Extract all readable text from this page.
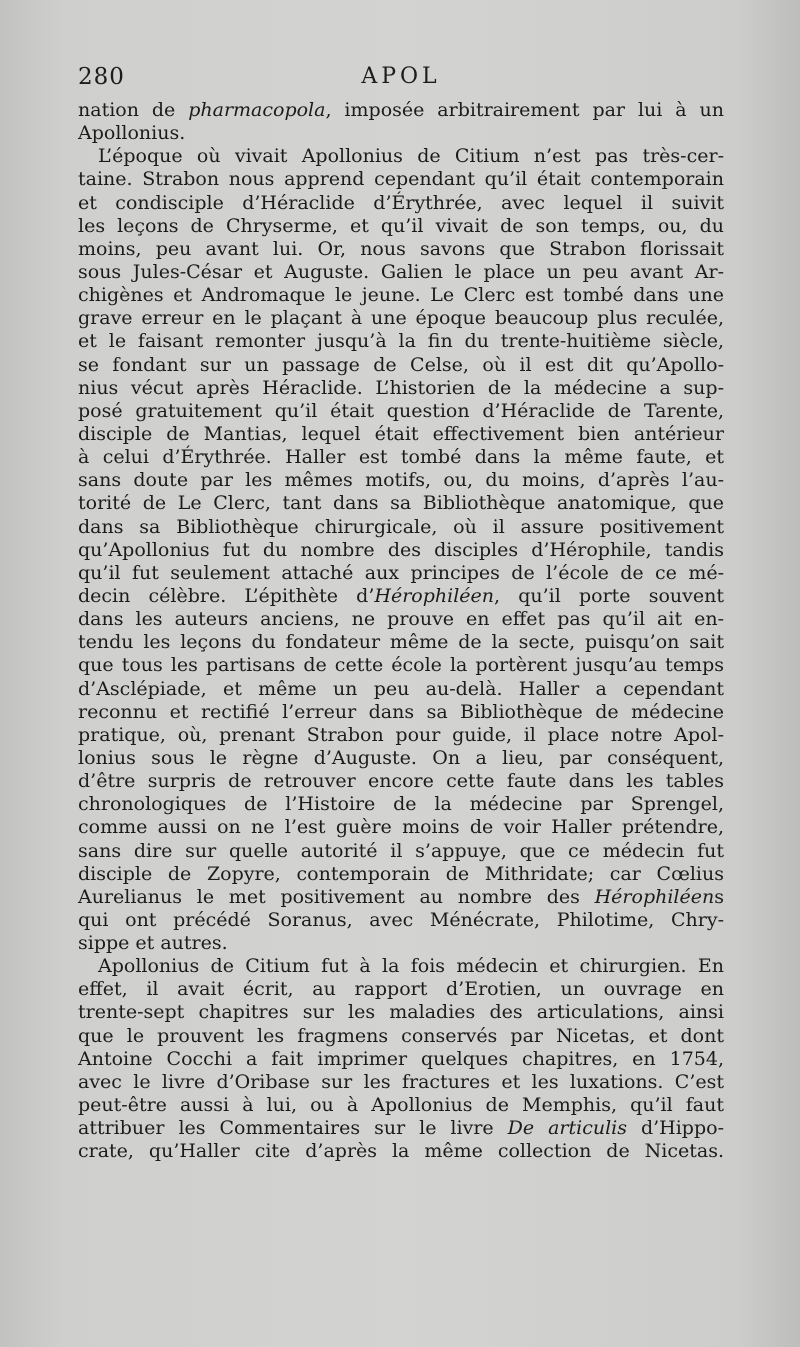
280	APOL
nation de pharmacopola, imposée arbitrairement par lui à un
Apollonius.
L’époque où vivait Apollonius de Citium n’est pas très-cer-
taine. Strabon nous apprend cependant qu’il était contemporain
et condisciple d’Héraclide d’Érythrée, avec lequel il suivit
les leçons de Chryserme, et qu’il vivait de son temps, ou, du
moins, peu avant lui. Or, nous savons que Strabon florissait
sous Jules-César et Auguste. Galien le place un peu avant Ar-
chigènes et Andromaque le jeune. Le Clerc est tombé dans une
grave erreur en le plaçant à une époque beaucoup plus reculée,
et le faisant remonter jusqu’à la fin du trente-huitième siècle,
se fondant sur un passage de Celse, où il est dit qu’Apollo-
nius vécut après Héraclide. L’historien de la médecine a sup-
posé gratuitement qu’il était question d’Héraclide de Tarente,
disciple de Mantias, lequel était effectivement bien antérieur
à celui d’Érythrée. Haller est tombé dans la même faute, et
sans doute par les mêmes motifs, ou, du moins, d’après l’au-
torité de Le Clerc, tant dans sa Bibliothèque anatomique, que
dans sa Bibliothèque chirurgicale, où il assure positivement
qu’Apollonius fut du nombre des disciples d’Hérophile, tandis
qu’il fut seulement attaché aux principes de l’école de ce mé-
decin célèbre. L’épithète d’Hérophiléen, qu’il porte souvent
dans les auteurs anciens, ne prouve en effet pas qu’il ait en-
tendu les leçons du fondateur même de la secte, puisqu’on sait
que tous les partisans de cette école la portèrent jusqu’au temps
d’Asclépiade, et même un peu au-delà. Haller a cependant
reconnu et rectifié l’erreur dans sa Bibliothèque de médecine
pratique, où, prenant Strabon pour guide, il place notre Apol-
lonius sous le règne d’Auguste. On a lieu, par conséquent,
d’être surpris de retrouver encore cette faute dans les tables
chronologiques de l’Histoire de la médecine par Sprengel,
comme aussi on ne l’est guère moins de voir Haller prétendre,
sans dire sur quelle autorité il s’appuye, que ce médecin fut
disciple de Zopyre, contemporain de Mithridate; car Cœlius
Aurelianus le met positivement au nombre des Hérophiléens
qui ont précédé Soranus, avec Ménécrate, Philotime, Chry-
sippe et autres.
Apollonius de Citium fut à la fois médecin et chirurgien. En
effet, il avait écrit, au rapport d’Erotien, un ouvrage en
trente-sept chapitres sur les maladies des articulations, ainsi
que le prouvent les fragmens conservés par Nicetas, et dont
Antoine Cocchi a fait imprimer quelques chapitres, en 1754,
avec le livre d’Oribase sur les fractures et les luxations. C’est
peut-être aussi à lui, ou à Apollonius de Memphis, qu’il faut
attribuer les Commentaires sur le livre De articulis d’Hippo-
crate, qu’Haller cite d’après la même collection de Nicetas.
